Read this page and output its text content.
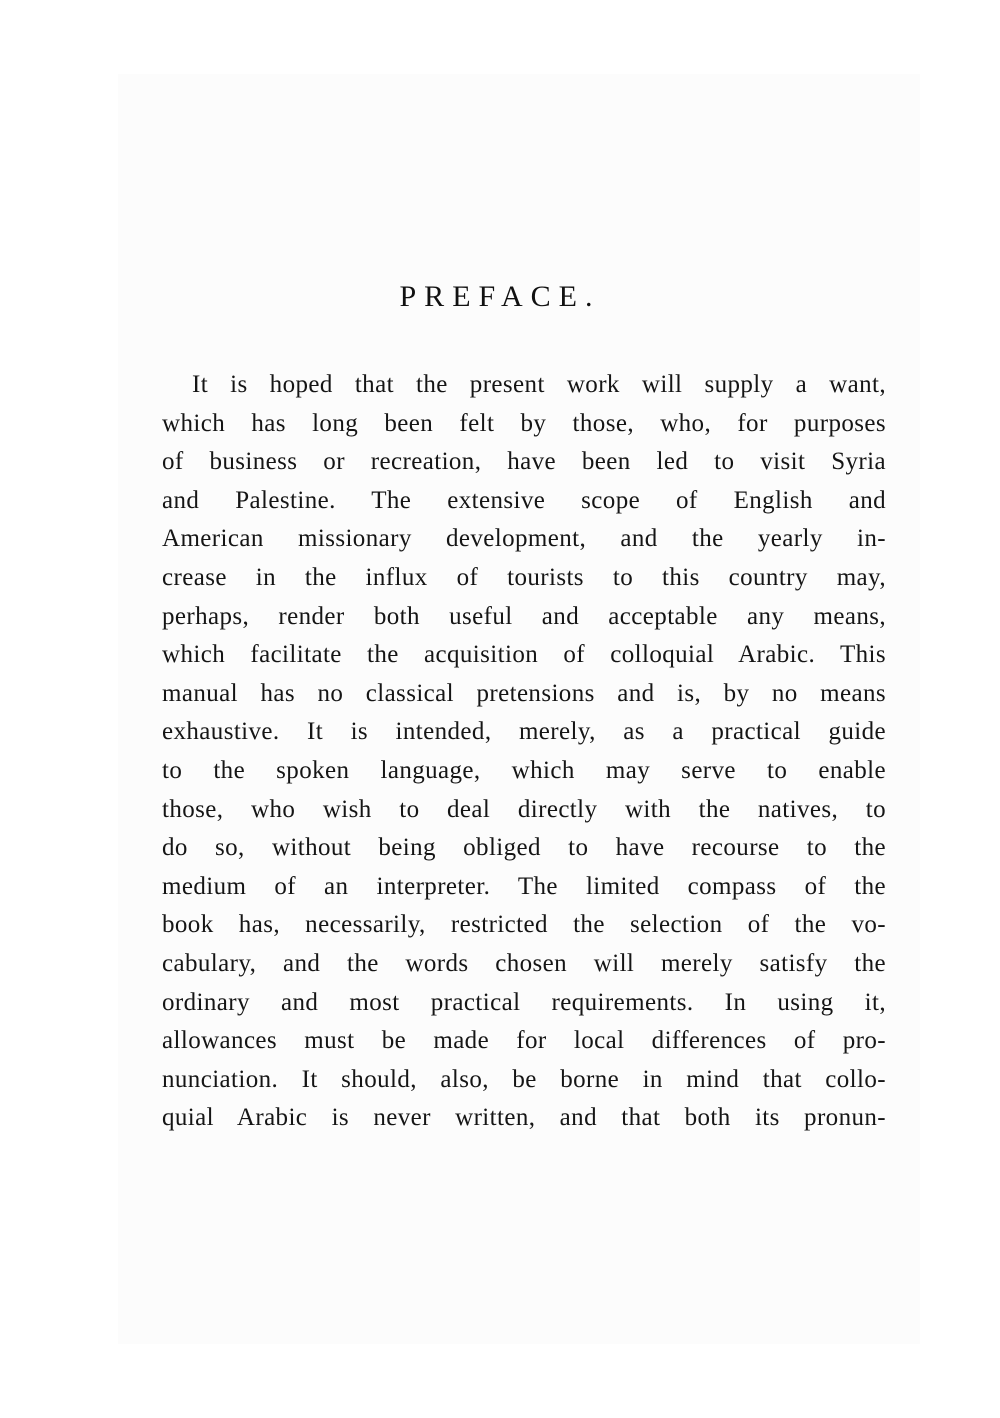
PREFACE.
It is hoped that the present work will supply a want,
which has long been felt by those, who, for purposes
of business or recreation, have been led to visit Syria
and Palestine. The extensive scope of English and
American missionary development, and the yearly in-
crease in the influx of tourists to this country may,
perhaps, render both useful and acceptable any means,
which facilitate the acquisition of colloquial Arabic. This
manual has no classical pretensions and is, by no means
exhaustive. It is intended, merely, as a practical guide
to the spoken language, which may serve to enable
those, who wish to deal directly with the natives, to
do so, without being obliged to have recourse to the
medium of an interpreter. The limited compass of the
book has, necessarily, restricted the selection of the vo-
cabulary, and the words chosen will merely satisfy the
ordinary and most practical requirements. In using it,
allowances must be made for local differences of pro-
nunciation. It should, also, be borne in mind that collo-
quial Arabic is never written, and that both its pronun-
